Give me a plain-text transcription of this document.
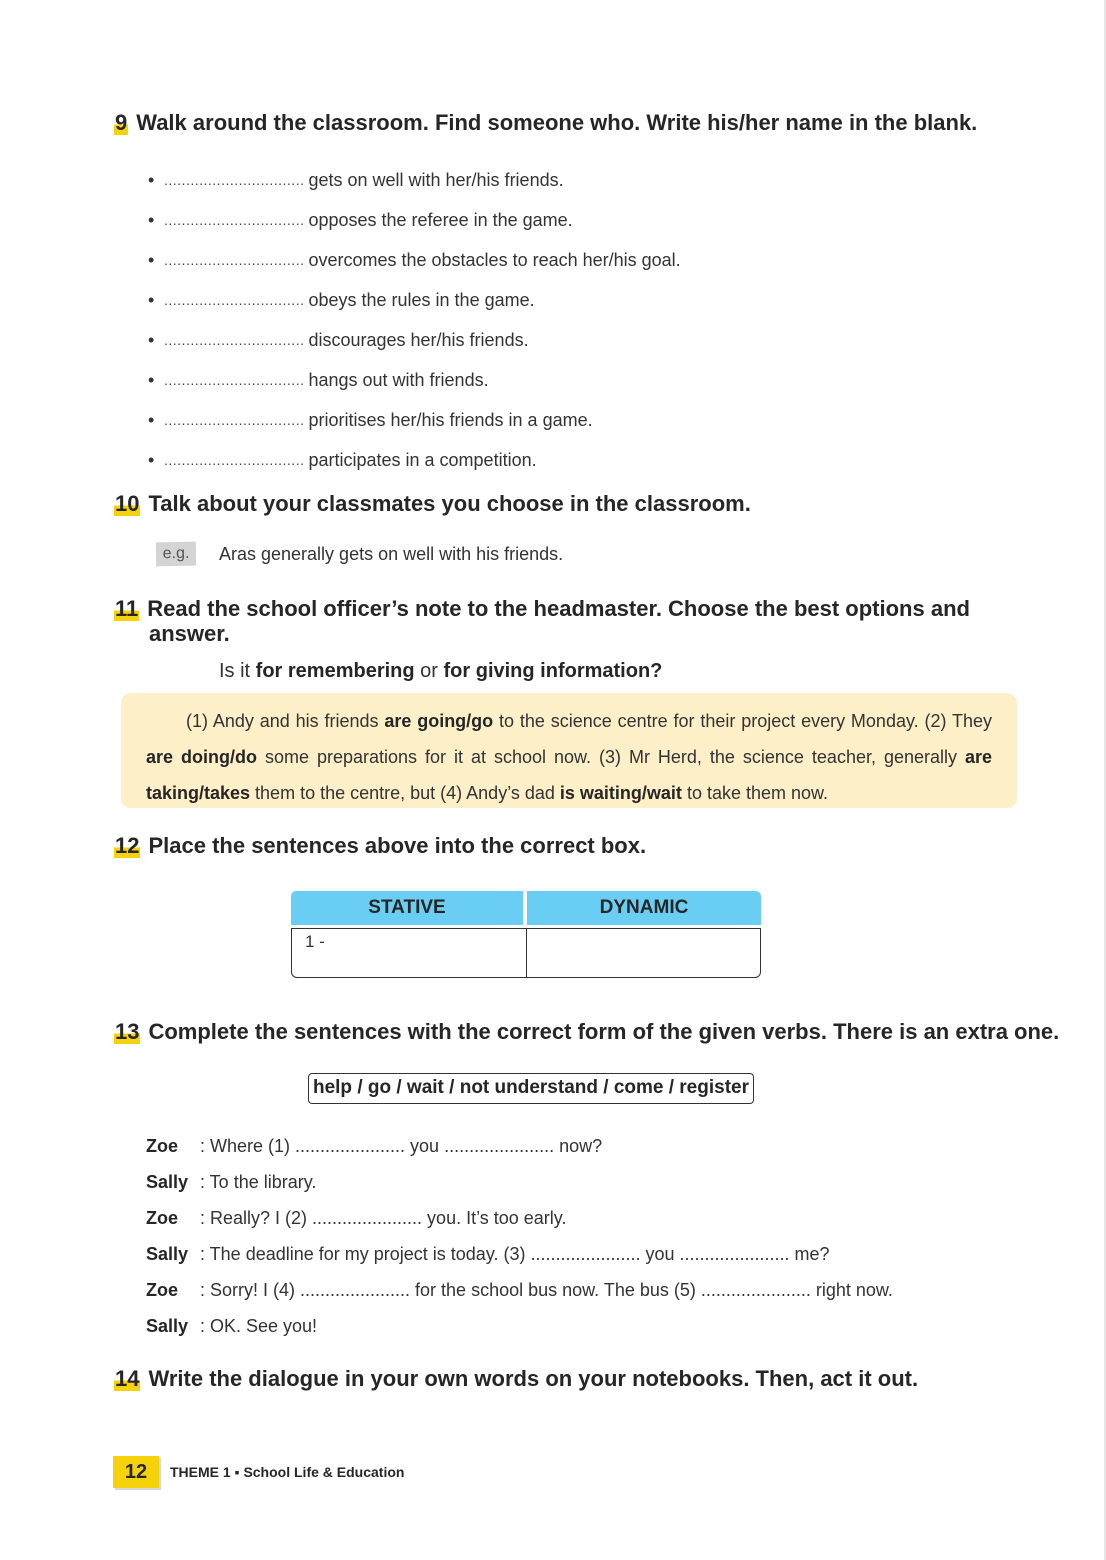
9 Walk around the classroom. Find someone who. Write his/her name in the blank.
• ................................ gets on well with her/his friends.
• ................................ opposes the referee in the game.
• ................................ overcomes the obstacles to reach her/his goal.
• ................................ obeys the rules in the game.
• ................................ discourages her/his friends.
• ................................ hangs out with friends.
• ................................ prioritises her/his friends in a game.
• ................................ participates in a competition.
10 Talk about your classmates you choose in the classroom.
e.g.	Aras generally gets on well with his friends.
11 Read the school officer’s note to the headmaster. Choose the best options and
answer.
Is it for remembering or for giving information?
(1) Andy and his friends are going/go to the science centre for their project every Monday. (2) They are doing/do some preparations for it at school now. (3) Mr Herd, the science teacher, generally are taking/takes them to the centre, but (4) Andy’s dad is waiting/wait to take them now.
12 Place the sentences above into the correct box.
STATIVE	DYNAMIC
1 -
13 Complete the sentences with the correct form of the given verbs. There is an extra one.
help / go / wait / not understand / come / register
Zoe	: Where (1) ...................... you ...................... now?
Sally : To the library.
Zoe	: Really? I (2) ...................... you. It’s too early.
Sally : The deadline for my project is today. (3) ...................... you ...................... me?
Zoe	: Sorry! I (4) ...................... for the school bus now. The bus (5) ...................... right now.
Sally : OK. See you!
14 Write the dialogue in your own words on your notebooks. Then, act it out.
12	THEME 1 ▪ School Life & Education
